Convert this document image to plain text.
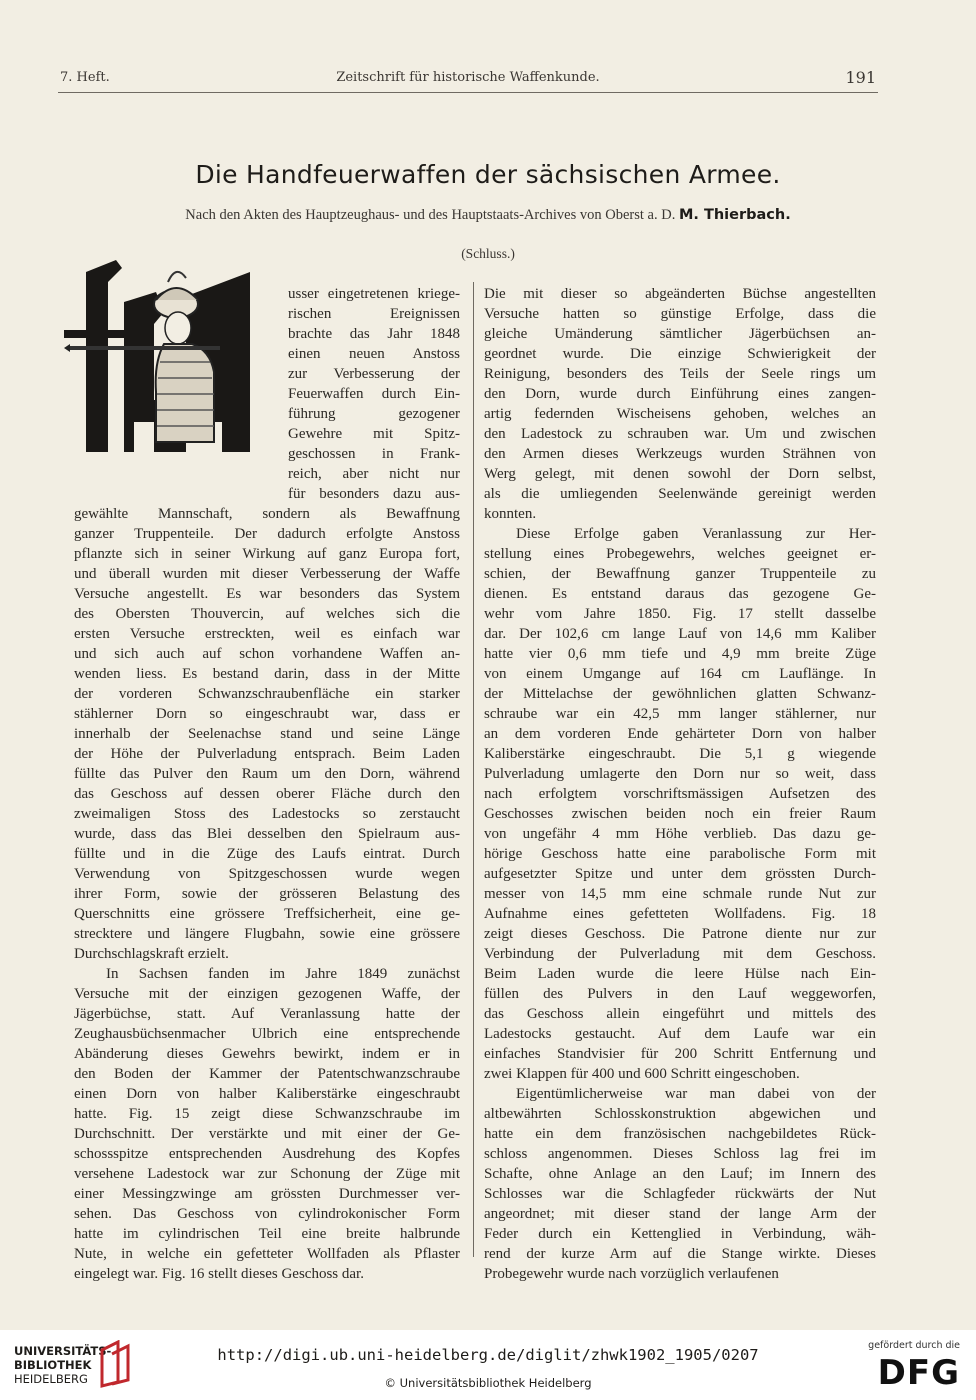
7. Heft.	Zeitschrift für historische Waffenkunde.	191
Die Handfeuerwaffen der sächsischen Armee.
Nach den Akten des Hauptzeughaus- und des Hauptstaats-Archives von Oberst a. D. M. Thierbach.
(Schluss.)
usser eingetretenen kriege-
rischen Ereignissen
brachte das Jahr 1848
einen neuen Anstoss
zur Verbesserung der
Feuerwaffen durch Ein-
führung gezogener
Gewehre mit Spitz-
geschossen in Frank-
reich, aber nicht nur
für besonders dazu aus-
gewählte Mannschaft, sondern als Bewaffnung
ganzer Truppenteile. Der dadurch erfolgte Anstoss
pflanzte sich in seiner Wirkung auf ganz Europa fort,
und überall wurden mit dieser Verbesserung der Waffe
Versuche angestellt. Es war besonders das System
des Obersten Thouvercin, auf welches sich die
ersten Versuche erstreckten, weil es einfach war
und sich auch auf schon vorhandene Waffen an-
wenden liess. Es bestand darin, dass in der Mitte
der vorderen Schwanzschraubenfläche ein starker
stählerner Dorn so eingeschraubt war, dass er
innerhalb der Seelenachse stand und seine Länge
der Höhe der Pulverladung entsprach. Beim Laden
füllte das Pulver den Raum um den Dorn, während
das Geschoss auf dessen oberer Fläche durch den
zweimaligen Stoss des Ladestocks so zerstaucht
wurde, dass das Blei desselben den Spielraum aus-
füllte und in die Züge des Laufs eintrat. Durch
Verwendung von Spitzgeschossen wurde wegen
ihrer Form, sowie der grösseren Belastung des
Querschnitts eine grössere Treffsicherheit, eine ge-
strecktere und längere Flugbahn, sowie eine grössere
Durchschlagskraft erzielt.
In Sachsen fanden im Jahre 1849 zunächst
Versuche mit der einzigen gezogenen Waffe, der
Jägerbüchse, statt. Auf Veranlassung hatte der
Zeughausbüchsenmacher Ulbrich eine entsprechende
Abänderung dieses Gewehrs bewirkt, indem er in
den Boden der Kammer der Patentschwanzschraube
einen Dorn von halber Kaliberstärke eingeschraubt
hatte. Fig. 15 zeigt diese Schwanzschraube im
Durchschnitt. Der verstärkte und mit einer der Ge-
schossspitze entsprechenden Ausdrehung des Kopfes
versehene Ladestock war zur Schonung der Züge mit
einer Messingzwinge am grössten Durchmesser ver-
sehen. Das Geschoss von cylindrokonischer Form
hatte im cylindrischen Teil eine breite halbrunde
Nute, in welche ein gefetteter Wollfaden als Pflaster
eingelegt war. Fig. 16 stellt dieses Geschoss dar.
Die mit dieser so abgeänderten Büchse angestellten
Versuche hatten so günstige Erfolge, dass die
gleiche Umänderung sämtlicher Jägerbüchsen an-
geordnet wurde. Die einzige Schwierigkeit der
Reinigung, besonders des Teils der Seele rings um
den Dorn, wurde durch Einführung eines zangen-
artig federnden Wischeisens gehoben, welches an
den Ladestock zu schrauben war. Um und zwischen
den Armen dieses Werkzeugs wurden Strähnen von
Werg gelegt, mit denen sowohl der Dorn selbst,
als die umliegenden Seelenwände gereinigt werden
konnten.
Diese Erfolge gaben Veranlassung zur Her-
stellung eines Probegewehrs, welches geeignet er-
schien, der Bewaffnung ganzer Truppenteile zu
dienen. Es entstand daraus das gezogene Ge-
wehr vom Jahre 1850. Fig. 17 stellt dasselbe
dar. Der 102,6 cm lange Lauf von 14,6 mm Kaliber
hatte vier 0,6 mm tiefe und 4,9 mm breite Züge
von einem Umgange auf 164 cm Lauflänge. In
der Mittelachse der gewöhnlichen glatten Schwanz-
schraube war ein 42,5 mm langer stählerner, nur
an dem vorderen Ende gehärteter Dorn von halber
Kaliberstärke eingeschraubt. Die 5,1 g wiegende
Pulverladung umlagerte den Dorn nur so weit, dass
nach erfolgtem vorschriftsmässigen Aufsetzen des
Geschosses zwischen beiden noch ein freier Raum
von ungefähr 4 mm Höhe verblieb. Das dazu ge-
hörige Geschoss hatte eine parabolische Form mit
aufgesetzter Spitze und unter dem grössten Durch-
messer von 14,5 mm eine schmale runde Nut zur
Aufnahme eines gefetteten Wollfadens. Fig. 18
zeigt dieses Geschoss. Die Patrone diente nur zur
Verbindung der Pulverladung mit dem Geschoss.
Beim Laden wurde die leere Hülse nach Ein-
füllen des Pulvers in den Lauf weggeworfen,
das Geschoss allein eingeführt und mittels des
Ladestocks gestaucht. Auf dem Laufe war ein
einfaches Standvisier für 200 Schritt Entfernung und
zwei Klappen für 400 und 600 Schritt eingeschoben.
Eigentümlicherweise war man dabei von der
altbewährten Schlosskonstruktion abgewichen und
hatte ein dem französischen nachgebildetes Rück-
schloss angenommen. Dieses Schloss lag frei im
Schafte, ohne Anlage an den Lauf; im Innern des
Schlosses war die Schlagfeder rückwärts der Nut
angeordnet; mit dieser stand der lange Arm der
Feder durch ein Kettenglied in Verbindung, wäh-
rend der kurze Arm auf die Stange wirkte. Dieses
Probegewehr wurde nach vorzüglich verlaufenen
UNIVERSITÄTS-
BIBLIOTHEK
HEIDELBERG
http://digi.ub.uni-heidelberg.de/diglit/zhwk1902_1905/0207
© Universitätsbibliothek Heidelberg
gefördert durch die
DFG
